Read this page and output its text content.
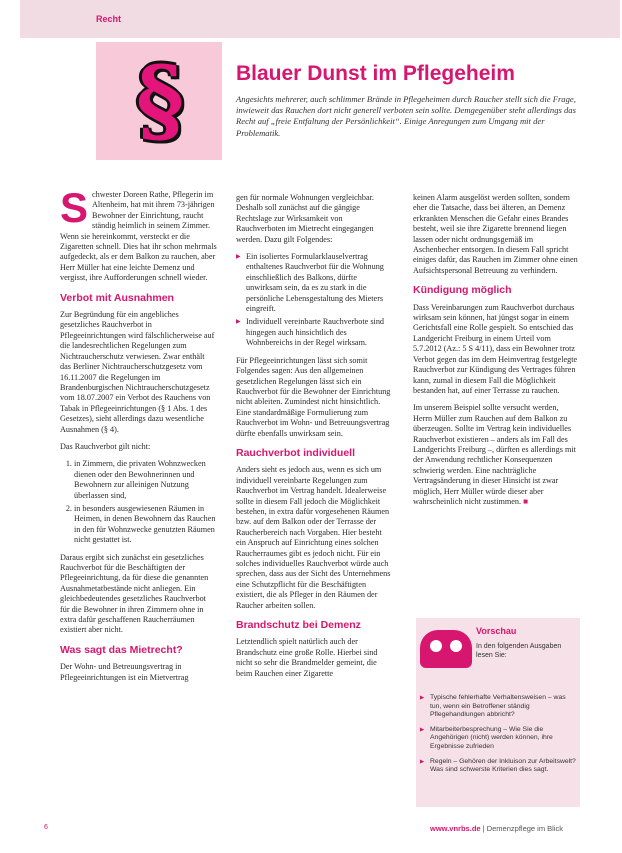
Recht
§ Blauer Dunst im Pflegeheim
Angesichts mehrerer, auch schlimmer Brände in Pflegeheimen durch Raucher stellt sich die Frage, inwieweit das Rauchen dort nicht generell verboten sein sollte. Demgegenüber steht allerdings das Recht auf „freie Entfaltung der Persönlichkeit“. Einige Anregungen zum Umgang mit der Problematik.

Schwester Doreen Rathe, Pflegerin im Altenheim, hat mit ihrem 73-jährigen Bewohner der Einrichtung, raucht ständig heimlich in seinem Zimmer. Wenn sie hereinkommt, versteckt er die Zigaretten schnell. Dies hat ihr schon mehrmals aufgedeckt, als er dem Balkon zu rauchen, aber Herr Müller hat eine leichte Demenz und vergisst, ihre Aufforderungen schnell wieder.

Verbot mit Ausnahmen

Zur Begründung für ein angebliches gesetzliches Rauchverbot in Pflegeeinrichtungen wird fälschlicherweise auf die landesrechtlichen Regelungen zum Nichtraucherschutz verwiesen. Zwar enthält das Berliner Nichtraucherschutzgesetz vom 16.11.2007 die Regelungen im Brandenburgischen Nichtraucherschutzgesetz vom 18.07.2007 ein Verbot des Rauchens von Tabak in Pflegeeinrichtungen (§ 1 Abs. 1 des Gesetzes), sieht allerdings dazu wesentliche Ausnahmen (§ 4).

Das Rauchverbot gilt nicht:

1. in Zimmern, die privaten Wohnzwecken dienen oder den Bewohnerinnen und Bewohnern zur alleinigen Nutzung überlassen sind,
2. in besonders ausgewiesenen Räumen in Heimen, in denen Bewohnern das Rauchen in den für Wohnzwecke genutzten Räumen nicht gestattet ist.

Daraus ergibt sich zunächst ein gesetzliches Rauchverbot für die Beschäftigten der Pflegeeinrichtung, da für diese die genannten Ausnahmetatbestände nicht anliegen. Ein gleichbedeutendes gesetzliches Rauchverbot für die Bewohner in ihren Zimmern ohne in extra dafür geschaffenen Raucherräumen existiert aber nicht.

Was sagt das Mietrecht?

Der Wohn- und Betreuungsvertrag in Pflegeeinrichtungen ist ein Mietvertrag

gen für normale Wohnungen vergleichbar. Deshalb soll zunächst auf die gängige Rechtslage zur Wirksamkeit von Rauchverboten im Mietrecht eingegangen werden. Dazu gilt Folgendes:

▶ Ein isoliertes Formularklauselvertrag enthaltenes Rauchverbot für die Wohnung einschließlich des Balkons, dürfte unwirksam sein, da es zu stark in die persönliche Lebensgestaltung des Mieters eingreift.
▶ Individuell vereinbarte Rauchverbote sind hingegen auch hinsichtlich des Wohnbereichs in der Regel wirksam.

Für Pflegeeinrichtungen lässt sich somit Folgendes sagen: Aus den allgemeinen gesetzlichen Regelungen lässt sich ein Rauchverbot für die Bewohner der Einrichtung nicht ableiten. Zumindest nicht hinsichtlich. Eine standardmäßige Formulierung zum Rauchverbot im Wohn- und Betreuungsvertrag dürfte ebenfalls unwirksam sein.

Rauchverbot individuell

Anders sieht es jedoch aus, wenn es sich um individuell vereinbarte Regelungen zum Rauchverbot im Vertrag handelt. Idealerweise sollte in diesem Fall jedoch die Möglichkeit bestehen, in extra dafür vorgesehenen Räumen bzw. auf dem Balkon oder der Terrasse der Raucherbereich nach Vorgaben. Hier besteht ein Anspruch auf Einrichtung eines solchen Raucherraumes gibt es jedoch nicht. Für ein solches individuelles Rauchverbot würde auch sprechen, dass aus der Sicht des Unternehmens eine Schutzpflicht für die Beschäftigten existiert, die als Pfleger in den Räumen der Raucher arbeiten sollen.

Brandschutz bei Demenz

Letztendlich spielt natürlich auch der Brandschutz eine große Rolle. Hierbei sind nicht so sehr die Brandmelder gemeint, die beim Rauchen einer Zigarette

keinen Alarm ausgelöst werden sollten, sondern eher die Tatsache, dass bei älteren, an Demenz erkrankten Menschen die Gefahr eines Brandes besteht, weil sie ihre Zigarette brennend liegen lassen oder nicht ordnungsgemäß im Aschenbecher entsorgen. In diesem Fall spricht einiges dafür, das Rauchen im Zimmer ohne einen Aufsichtspersonal Betreuung zu verhindern.

Kündigung möglich

Dass Vereinbarungen zum Rauchverbot durchaus wirksam sein können, hat jüngst sogar in einem Gerichtsfall eine Rolle gespielt. So entschied das Landgericht Freiburg in einem Urteil vom 5.7.2012 (Az.: 5 S 4/11), dass ein Bewohner trotz Verbot gegen das im dem Heimvertrag festgelegte Rauchverbot zur Kündigung des Vertrages führen kann, zumal in diesem Fall die Möglichkeit bestanden hat, auf einer Terrasse zu rauchen.

Im unserem Beispiel sollte versucht werden, Herrn Müller zum Rauchen auf dem Balkon zu überzeugen. Sollte im Vertrag kein individuelles Rauchverbot existieren – anders als im Fall des Landgerichts Freiburg –, dürften es allerdings mit der Anwendung rechtlicher Konsequenzen schwierig werden. Eine nachträgliche Vertragsänderung in dieser Hinsicht ist zwar möglich, Herr Müller würde dieser aber wahrscheinlich nicht zustimmen. ■

Vorschau
In den folgenden Ausgaben lesen Sie:
▶ Typische fehlerhafte Verhaltensweisen – was tun, wenn ein Betroffener ständig Pflegehandlungen abbricht?
▶ Mitarbeiterbesprechung – Wie Sie die Angehörigen (nicht) werden können, ihre Ergebnisse zufrieden
▶ Regeln – Gehören der Inkluison zur Arbeitswelt? Was sind schwerste Kriterien dies sagt.
6	www.vnrbs.de | Demenzpflege im Blick
